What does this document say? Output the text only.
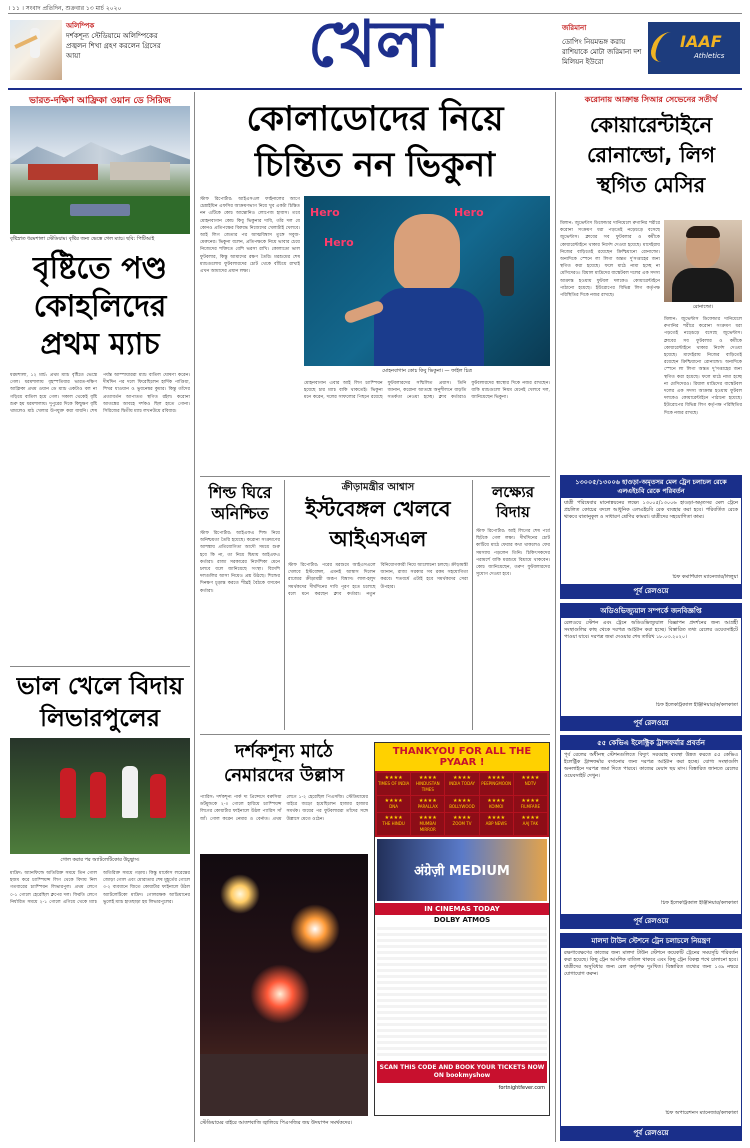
। ১১ । সংবাদ প্রতিদিন, শুক্রবার ১৩ মার্চ ২০২০
অলিম্পিক
দর্শকশূন্য স্টেডিয়ামে অলিম্পিকের প্রজ্বলন শিখা গ্রহণ করলেন গ্রিসের আয়া	খেলা	জরিমানা
ডোপিং নিয়মভঙ্গ করায় রাশিয়াকে মোটা জরিমানা দশ মিলিয়ন ইউরো
IAAF
Athletics
ভারত-দক্ষিণ আফ্রিকা ওয়ান ডে সিরিজ
বৃষ্টিস্নাত ধরমশালা স্টেডিয়াম। বৃষ্টির জন্য ভেস্তে গেল ম্যাচ। ছবি: পিটিআই
বৃষ্টিতে পণ্ড কোহলিদের প্রথম ম্যাচ
ধরমশালা, ১২ মার্চ: প্রথম ম্যাচ বৃষ্টিতে ভেস্তে গেল। ধরমশালায় বৃহস্পতিবার ভারত-দক্ষিণ আফ্রিকা প্রথম ওয়ান ডে ম্যাচ একটাও বল না গড়িয়ে বাতিল হয়ে গেল। সকাল থেকেই বৃষ্টি শুরু হয় ধরমশালায়। দুপুরের দিকে কিছুক্ষণ বৃষ্টি থামলেও মাঠ খেলার উপযুক্ত করা যায়নি। শেষ পর্যন্ত আম্পায়াররা ম্যাচ বাতিল ঘোষণা করেন। দীর্ঘদিন পর দলে ফিরেছিলেন হার্দিক পাণ্ডিয়া, শিখর ধাওয়ান ও ভুবনেশ্বর কুমার। কিন্তু তাঁদের প্রত্যাবর্তন আপাতত স্থগিত রইল। করোনা আতঙ্কের আবহে দর্শকও ছিল হাতে গোনা। সিরিজের দ্বিতীয় ম্যাচ লখনউয়ে রবিবার।
ভাল খেলে বিদায় লিভারপুলের
গোল করার পর অ্যাটলেটিকোর উচ্ছ্বাস।
মাদ্রিদ: অ্যানফিল্ডে অতিরিক্ত সময়ে তিন গোল হজম করে চ্যাম্পিয়ন্স লিগ থেকে বিদায় নিল গতবারের চ্যাম্পিয়ন লিভারপুল। প্রথম লেগে ০-১ গোলে হেরেছিল ক্লপের দল। ফিরতি লেগে নির্ধারিত সময়ে ২-১ গোলে এগিয়ে থেকে ম্যাচ অতিরিক্ত সময়ে গড়ায়। কিন্তু মার্কোস লরেন্তের জোড়া গোল এবং মোরাতার শেষ মুহূর্তের গোলে ৩-২ ব্যবধানে জিতে কোয়ার্টার ফাইনালে উঠল অ্যাটলেটিকো মাদ্রিদ। গোলরক্ষক আদ্রিয়ানের ভুলেই ম্যাচ হাতছাড়া হয় লিভারপুলের।
কোলাডোদের নিয়ে চিন্তিত নন ভিকুনা
স্টাফ রিপোর্টার: আইএসএল ফাইনালের আগে চেন্নাইয়িন এফসির আক্রমণভাগ নিয়ে খুব একটা চিন্তিত নন এটিকে কোচ আন্তোনিও লোপেজ হাবাস। তবে মোহনবাগান কোচ কিবু ভিকুনার দাবি, তাঁর দল যে কোনও প্রতিপক্ষের বিরুদ্ধে নিজেদের খেলাটাই খেলবে। আই লিগ জেতার পর আত্মবিশ্বাস তুঙ্গে সবুজ-মেরুনের। ভিকুনা বলেন, প্রতিপক্ষকে নিয়ে ভাবার চেয়ে নিজেদের শক্তিতে বেশি ভরসা রাখি। কোলাডো ভাল ফুটবলার, কিন্তু আমাদের রক্ষণ তৈরি। মরশুমের শেষ ম্যাচগুলোয় ফুটবলারদের চোট থেকে বাঁচিয়ে রাখাই এখন আমাদের প্রধান লক্ষ্য।
Hero	Hero
Hero
মোহনবাগান কোচ কিবু ভিকুনা। — ফাইল চিত্র
মোহনবাগান এবার আই লিগ চ্যাম্পিয়ন হয়েছে চার ম্যাচ বাকি থাকতেই। ভিকুনা মনে করেন, দলের সাফল্যের পিছনে রয়েছে ফুটবলারদের সম্মিলিত প্রয়াস। তিনি জানান, করোনা আতঙ্কে অনুশীলনে বাড়তি সতর্কতা নেওয়া হচ্ছে। ক্লাব কর্তারাও ফুটবলারদের স্বাস্থ্যের দিকে নজর রাখছেন। বাকি ম্যাচগুলো নিয়ম মেনেই খেলবে দল, জানিয়েছেন ভিকুনা।
শিল্ড ঘিরে অনিশ্চিত
স্টাফ রিপোর্টার: আইএফএ শিল্ড নিয়ে অনিশ্চয়তা তৈরি হয়েছে। করোনা সংক্রমণের আশঙ্কায় প্রতিযোগিতা আদৌ সময়ে শুরু হবে কি না, তা নিয়ে দ্বিধায় আইএফএ কর্তারা। রাজ্য সরকারের নির্দেশিকা মেনে চলবে বলে জানিয়েছে সংস্থা। বিদেশি দলগুলির আসা নিয়েও প্রশ্ন উঠছে। শিল্ডের দিনক্ষণ চূড়ান্ত করতে শীঘ্রই বৈঠকে বসবেন কর্তারা।
ক্রীড়ামন্ত্রীর আশ্বাস
ইস্টবেঙ্গল খেলবে আইএসএল
স্টাফ রিপোর্টার: পরের মরশুমে আইএসএলে খেলবে ইস্টবেঙ্গল, এমনই আশ্বাস দিলেন রাজ্যের ক্রীড়ামন্ত্রী অরূপ বিশ্বাস। লাল-হলুদ সমর্থকদের দীর্ঘদিনের দাবি পূরণ হতে চলেছে বলে মনে করছেন ক্লাব কর্তারা। নতুন বিনিয়োগকারী নিয়ে আলোচনা চলছে। ক্রীড়ামন্ত্রী জানান, রাজ্য সরকার সব রকম সহযোগিতা করবে। শতবর্ষে এটাই হবে সমর্থকদের সেরা উপহার।
লক্ষ্যের বিদায়
স্টাফ রিপোর্টার: আই লিগের শেষ পর্বে ছিটকে গেল লক্ষ্য। দীর্ঘদিনের চোট কাটিয়ে মাঠে ফেরার কথা থাকলেও ফের সমস্যায় পড়লেন তিনি। চিকিৎসকদের পরামর্শে বাকি মরশুমে বিশ্রামে থাকবেন। কোচ জানিয়েছেন, তরুণ ফুটবলারদের সুযোগ দেওয়া হবে।
দর্শকশূন্য মাঠে নেমারদের উল্লাস
প্যারিস: দর্শকশূন্য পার্ক দ্য প্রিন্সেসে বরুসিয়া ডর্টমুন্ডকে ২-০ গোলে হারিয়ে চ্যাম্পিয়ন্স লিগের কোয়ার্টার ফাইনালে উঠল প্যারিস সাঁ জাঁ। গোল করেন নেমার ও বের্নাত। প্রথম লেগে ১-২ হেরেছিল পিএসজি। স্টেডিয়ামের বাইরে জড়ো হয়েছিলেন হাজার হাজার সমর্থক। জয়ের পর ফুটবলাররা তাঁদের সঙ্গে উল্লাসে মেতে ওঠেন।
স্টেডিয়ামের বাইরে আতশবাজি জ্বালিয়ে পিএসজির জয় উদযাপন সমর্থকদের।
THANKYOU FOR ALL THE PYAAR !
★★★★
TIMES OF INDIA
★★★★
HINDUSTAN TIMES
★★★★
INDIA TODAY
★★★★
PEEPINGMOON
★★★★
NDTV
★★★★
DNA
★★★★
PARALLAX
★★★★
BOLLYWOOD
★★★★
KOIMOI
★★★★
FILMFARE
★★★★
THE HINDU
★★★★
MUMBAI MIRROR
★★★★
ZOOM TV
★★★★
ABP NEWS
★★★★
AAJ TAK
अंग्रेज़ी MEDIUM
IN CINEMAS TODAY
DOLBY ATMOS
SCAN THIS CODE AND BOOK YOUR TICKETS NOW ON bookmyshow
fortnightfever.com
করোনায় আক্রান্ত সিআর সেভেনের সতীর্থ
কোয়ারেন্টাইনে রোনাল্ডো, লিগ স্থগিত মেসির
মিলান: জুভেন্টাস ডিফেন্ডার দানিয়েলে রুগানির শরীরে করোনা সংক্রমণ ধরা পড়তেই নড়েচড়ে বসেছে জুভেন্টাস। ক্লাবের সব ফুটবলার ও কর্মীকে কোয়ারেন্টাইনে থাকার নির্দেশ দেওয়া হয়েছে। মাদেইরায় নিজের বাড়িতেই রয়েছেন ক্রিশ্চিয়ানো রোনাল্ডো। অন্যদিকে স্পেনে লা লিগা অন্তত দু'সপ্তাহের জন্য স্থগিত করা হয়েছে। ফলে মাঠে নামা হচ্ছে না মেসিদেরও। রিয়াল মাদ্রিদের বাস্কেটবল দলের এক সদস্য আক্রান্ত হওয়ায় ফুটবল দলকেও কোয়ারেন্টাইনে পাঠানো হয়েছে। ইউরোপের বিভিন্ন লিগ কর্তৃপক্ষ পরিস্থিতির দিকে নজর রাখছে।
রোনাল্ডো।
মিলান: জুভেন্টাস ডিফেন্ডার দানিয়েলে রুগানির শরীরে করোনা সংক্রমণ ধরা পড়তেই নড়েচড়ে বসেছে জুভেন্টাস। ক্লাবের সব ফুটবলার ও কর্মীকে কোয়ারেন্টাইনে থাকার নির্দেশ দেওয়া হয়েছে। মাদেইরায় নিজের বাড়িতেই রয়েছেন ক্রিশ্চিয়ানো রোনাল্ডো। অন্যদিকে স্পেনে লা লিগা অন্তত দু'সপ্তাহের জন্য স্থগিত করা হয়েছে। ফলে মাঠে নামা হচ্ছে না মেসিদেরও। রিয়াল মাদ্রিদের বাস্কেটবল দলের এক সদস্য আক্রান্ত হওয়ায় ফুটবল দলকেও কোয়ারেন্টাইনে পাঠানো হয়েছে। ইউরোপের বিভিন্ন লিগ কর্তৃপক্ষ পরিস্থিতির দিকে নজর রাখছে।
১৩০০৫/১৩০০৬ হাওড়া-অমৃতসর মেল ট্রেন চলাচল রেকে এলএইচবি রেকে পরিবর্তন
যাত্রী পরিষেবার মানোন্নয়নের লক্ষ্যে ১৩০০৫/১৩০০৬ হাওড়া-অমৃতসর মেল ট্রেনে প্রচলিত কোচের বদলে আধুনিক এলএইচবি রেক ব্যবহার করা হবে। পরিবর্তিত রেকে থাকবে বাতানুকূল ও সাধারণ শ্রেণির কামরা। যাত্রীদের সহযোগিতা কাম্য।
চিফ কমার্শিয়াল ম্যানেজার/লিলুয়া
পূর্ব রেলওয়ে
অডিওভিজ্যুয়াল সম্পর্কে জনবিজ্ঞপ্তি
রেলওয়ে স্টেশন এবং ট্রেনে অডিওভিজ্যুয়াল বিজ্ঞাপন প্রদর্শনের জন্য আগ্রহী সংস্থাগুলির কাছ থেকে দরপত্র আহ্বান করা হচ্ছে। বিস্তারিত তথ্য রেলের ওয়েবসাইটে পাওয়া যাবে। দরপত্র জমা দেওয়ার শেষ তারিখ ১৮.০৩.২০২০।
চিফ ইলেকট্রিক্যাল ইঞ্জিনিয়ার/ক/কলকাতা
পূর্ব রেলওয়ে
৫৫ কেভিএ ইলেক্ট্রিক ট্রান্সফর্মার প্রবর্তন
পূর্ব রেলের অধীনস্থ স্টেশনগুলিতে বিদ্যুৎ সরবরাহ ব্যবস্থা উন্নত করতে ৫৫ কেভিএ ইলেক্ট্রিক ট্রান্সফর্মার বসানোর জন্য দরপত্র আহ্বান করা হচ্ছে। যোগ্য সংস্থাগুলি অনলাইনে দরপত্র জমা দিতে পারবে। কাজের মেয়াদ ছয় মাস। বিস্তারিত জানতে রেলের ওয়েবসাইট দেখুন।
চিফ ইলেকট্রিক্যাল ইঞ্জিনিয়ার/কলকাতা
পূর্ব রেলওয়ে
মালদা টাউন স্টেশনে ট্রেন চলাচলে নিয়ন্ত্রণ
রক্ষণাবেক্ষণের কাজের জন্য মালদা টাউন স্টেশনে কয়েকটি ট্রেনের সময়সূচি পরিবর্তন করা হয়েছে। কিছু ট্রেন আংশিক বাতিল থাকবে এবং কিছু ট্রেন বিকল্প পথে চালানো হবে। যাত্রীদের অসুবিধার জন্য রেল কর্তৃপক্ষ দুঃখিত। বিস্তারিত তথ্যের জন্য ১৩৯ নম্বরে যোগাযোগ করুন।
চিফ অপারেশনস ম্যানেজার/কলকাতা
পূর্ব রেলওয়ে
